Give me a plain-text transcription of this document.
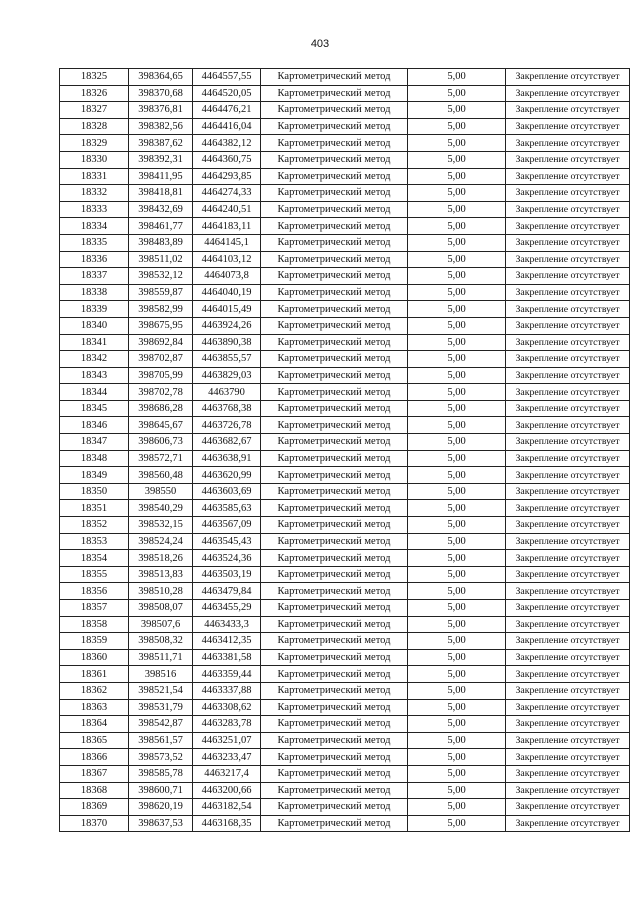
403
18325	398364,65	4464557,55	Картометрический метод	5,00	Закрепление отсутствует
18326	398370,68	4464520,05	Картометрический метод	5,00	Закрепление отсутствует
18327	398376,81	4464476,21	Картометрический метод	5,00	Закрепление отсутствует
18328	398382,56	4464416,04	Картометрический метод	5,00	Закрепление отсутствует
18329	398387,62	4464382,12	Картометрический метод	5,00	Закрепление отсутствует
18330	398392,31	4464360,75	Картометрический метод	5,00	Закрепление отсутствует
18331	398411,95	4464293,85	Картометрический метод	5,00	Закрепление отсутствует
18332	398418,81	4464274,33	Картометрический метод	5,00	Закрепление отсутствует
18333	398432,69	4464240,51	Картометрический метод	5,00	Закрепление отсутствует
18334	398461,77	4464183,11	Картометрический метод	5,00	Закрепление отсутствует
18335	398483,89	4464145,1	Картометрический метод	5,00	Закрепление отсутствует
18336	398511,02	4464103,12	Картометрический метод	5,00	Закрепление отсутствует
18337	398532,12	4464073,8	Картометрический метод	5,00	Закрепление отсутствует
18338	398559,87	4464040,19	Картометрический метод	5,00	Закрепление отсутствует
18339	398582,99	4464015,49	Картометрический метод	5,00	Закрепление отсутствует
18340	398675,95	4463924,26	Картометрический метод	5,00	Закрепление отсутствует
18341	398692,84	4463890,38	Картометрический метод	5,00	Закрепление отсутствует
18342	398702,87	4463855,57	Картометрический метод	5,00	Закрепление отсутствует
18343	398705,99	4463829,03	Картометрический метод	5,00	Закрепление отсутствует
18344	398702,78	4463790	Картометрический метод	5,00	Закрепление отсутствует
18345	398686,28	4463768,38	Картометрический метод	5,00	Закрепление отсутствует
18346	398645,67	4463726,78	Картометрический метод	5,00	Закрепление отсутствует
18347	398606,73	4463682,67	Картометрический метод	5,00	Закрепление отсутствует
18348	398572,71	4463638,91	Картометрический метод	5,00	Закрепление отсутствует
18349	398560,48	4463620,99	Картометрический метод	5,00	Закрепление отсутствует
18350	398550	4463603,69	Картометрический метод	5,00	Закрепление отсутствует
18351	398540,29	4463585,63	Картометрический метод	5,00	Закрепление отсутствует
18352	398532,15	4463567,09	Картометрический метод	5,00	Закрепление отсутствует
18353	398524,24	4463545,43	Картометрический метод	5,00	Закрепление отсутствует
18354	398518,26	4463524,36	Картометрический метод	5,00	Закрепление отсутствует
18355	398513,83	4463503,19	Картометрический метод	5,00	Закрепление отсутствует
18356	398510,28	4463479,84	Картометрический метод	5,00	Закрепление отсутствует
18357	398508,07	4463455,29	Картометрический метод	5,00	Закрепление отсутствует
18358	398507,6	4463433,3	Картометрический метод	5,00	Закрепление отсутствует
18359	398508,32	4463412,35	Картометрический метод	5,00	Закрепление отсутствует
18360	398511,71	4463381,58	Картометрический метод	5,00	Закрепление отсутствует
18361	398516	4463359,44	Картометрический метод	5,00	Закрепление отсутствует
18362	398521,54	4463337,88	Картометрический метод	5,00	Закрепление отсутствует
18363	398531,79	4463308,62	Картометрический метод	5,00	Закрепление отсутствует
18364	398542,87	4463283,78	Картометрический метод	5,00	Закрепление отсутствует
18365	398561,57	4463251,07	Картометрический метод	5,00	Закрепление отсутствует
18366	398573,52	4463233,47	Картометрический метод	5,00	Закрепление отсутствует
18367	398585,78	4463217,4	Картометрический метод	5,00	Закрепление отсутствует
18368	398600,71	4463200,66	Картометрический метод	5,00	Закрепление отсутствует
18369	398620,19	4463182,54	Картометрический метод	5,00	Закрепление отсутствует
18370	398637,53	4463168,35	Картометрический метод	5,00	Закрепление отсутствует
